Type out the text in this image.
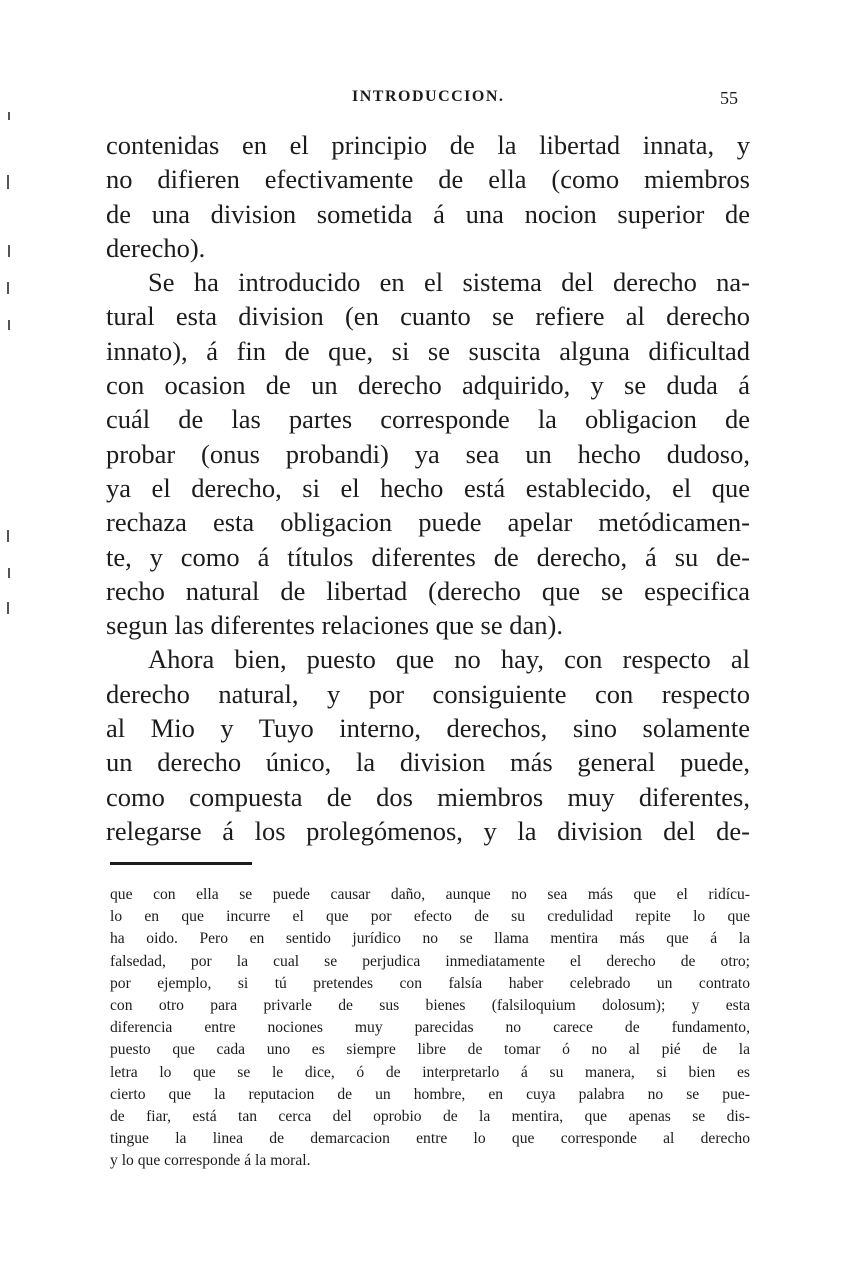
INTRODUCCION.	55
contenidas en el principio de la libertad innata, y
no difieren efectivamente de ella (como miembros
de una division sometida á una nocion superior de
derecho).
Se ha introducido en el sistema del derecho na-
tural esta division (en cuanto se refiere al derecho
innato), á fin de que, si se suscita alguna dificultad
con ocasion de un derecho adquirido, y se duda á
cuál de las partes corresponde la obligacion de
probar (onus probandi) ya sea un hecho dudoso,
ya el derecho, si el hecho está establecido, el que
rechaza esta obligacion puede apelar metódicamen-
te, y como á títulos diferentes de derecho, á su de-
recho natural de libertad (derecho que se especifica
segun las diferentes relaciones que se dan).
Ahora bien, puesto que no hay, con respecto al
derecho natural, y por consiguiente con respecto
al Mio y Tuyo interno, derechos, sino solamente
un derecho único, la division más general puede,
como compuesta de dos miembros muy diferentes,
relegarse á los prolegómenos, y la division del de-
que con ella se puede causar daño, aunque no sea más que el ridícu-
lo en que incurre el que por efecto de su credulidad repite lo que
ha oido. Pero en sentido jurídico no se llama mentira más que á la
falsedad, por la cual se perjudica inmediatamente el derecho de otro;
por ejemplo, si tú pretendes con falsía haber celebrado un contrato
con otro para privarle de sus bienes (falsiloquium dolosum); y esta
diferencia entre nociones muy parecidas no carece de fundamento,
puesto que cada uno es siempre libre de tomar ó no al pié de la
letra lo que se le dice, ó de interpretarlo á su manera, si bien es
cierto que la reputacion de un hombre, en cuya palabra no se pue-
de fiar, está tan cerca del oprobio de la mentira, que apenas se dis-
tingue la linea de demarcacion entre lo que corresponde al derecho
y lo que corresponde á la moral.
